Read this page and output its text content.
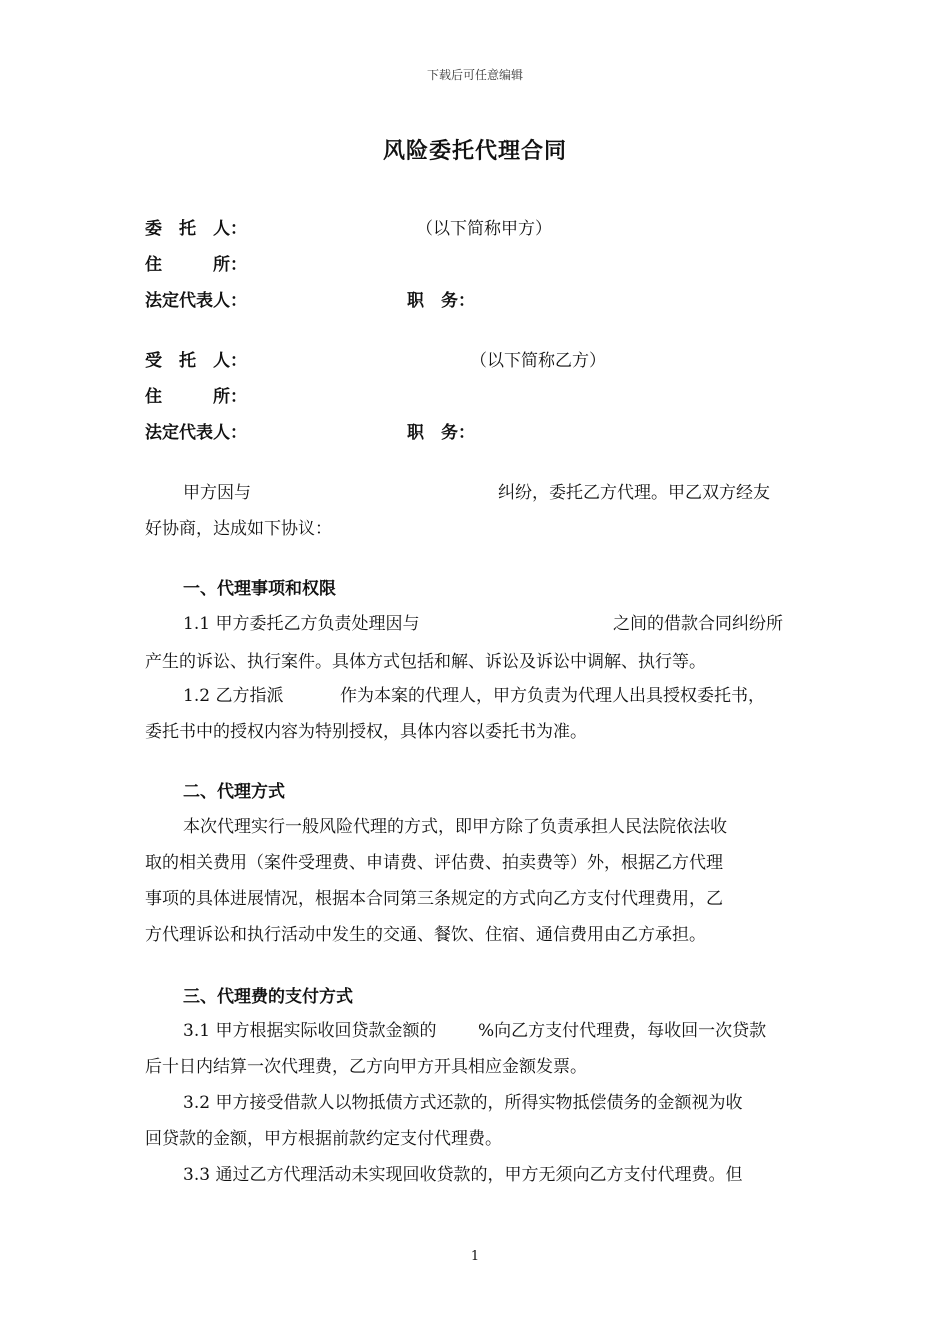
下载后可任意编辑
风险委托代理合同
委　托　人：	（以下简称甲方）
住　　　所：
法定代表人：	职　务：
受　托　人：	（以下简称乙方）
住　　　所：
法定代表人：	职　务：
甲方因与	纠纷，委托乙方代理。甲乙双方经友
好协商，达成如下协议：
一、代理事项和权限
1.1 甲方委托乙方负责处理因与	之间的借款合同纠纷所
产生的诉讼、执行案件。具体方式包括和解、诉讼及诉讼中调解、执行等。
1.2 乙方指派	作为本案的代理人，甲方负责为代理人出具授权委托书，
委托书中的授权内容为特别授权，具体内容以委托书为准。
二、代理方式
本次代理实行一般风险代理的方式，即甲方除了负责承担人民法院依法收
取的相关费用（案件受理费、申请费、评估费、拍卖费等）外，根据乙方代理
事项的具体进展情况，根据本合同第三条规定的方式向乙方支付代理费用，乙
方代理诉讼和执行活动中发生的交通、餐饮、住宿、通信费用由乙方承担。
三、代理费的支付方式
3.1 甲方根据实际收回贷款金额的 %向乙方支付代理费，每收回一次贷款
后十日内结算一次代理费，乙方向甲方开具相应金额发票。
3.2 甲方接受借款人以物抵债方式还款的，所得实物抵偿债务的金额视为收
回贷款的金额，甲方根据前款约定支付代理费。
3.3 通过乙方代理活动未实现回收贷款的，甲方无须向乙方支付代理费。但
1
